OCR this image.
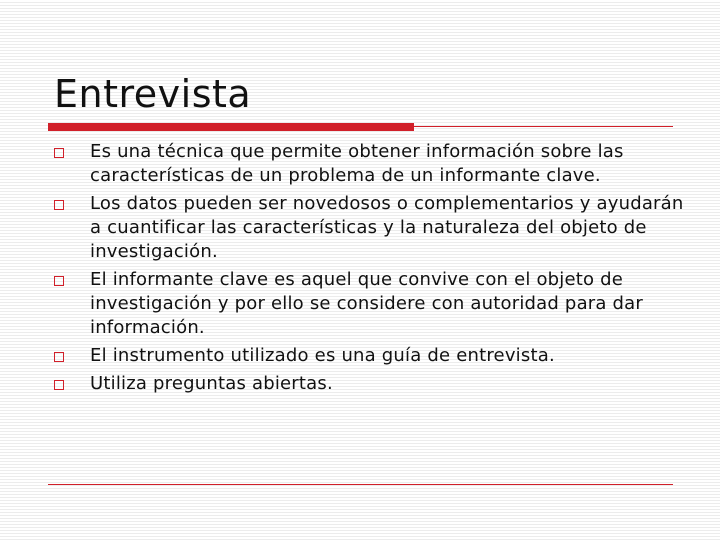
Entrevista
Es una técnica que permite obtener información sobre las características de un problema de un informante clave.
Los datos pueden ser novedosos o complementarios y ayudarán a cuantificar las características y la naturaleza del objeto de investigación.
El informante clave es aquel que convive con el objeto de investigación y por ello se considere con autoridad para dar información.
El instrumento utilizado es una guía de entrevista.
Utiliza preguntas abiertas.
